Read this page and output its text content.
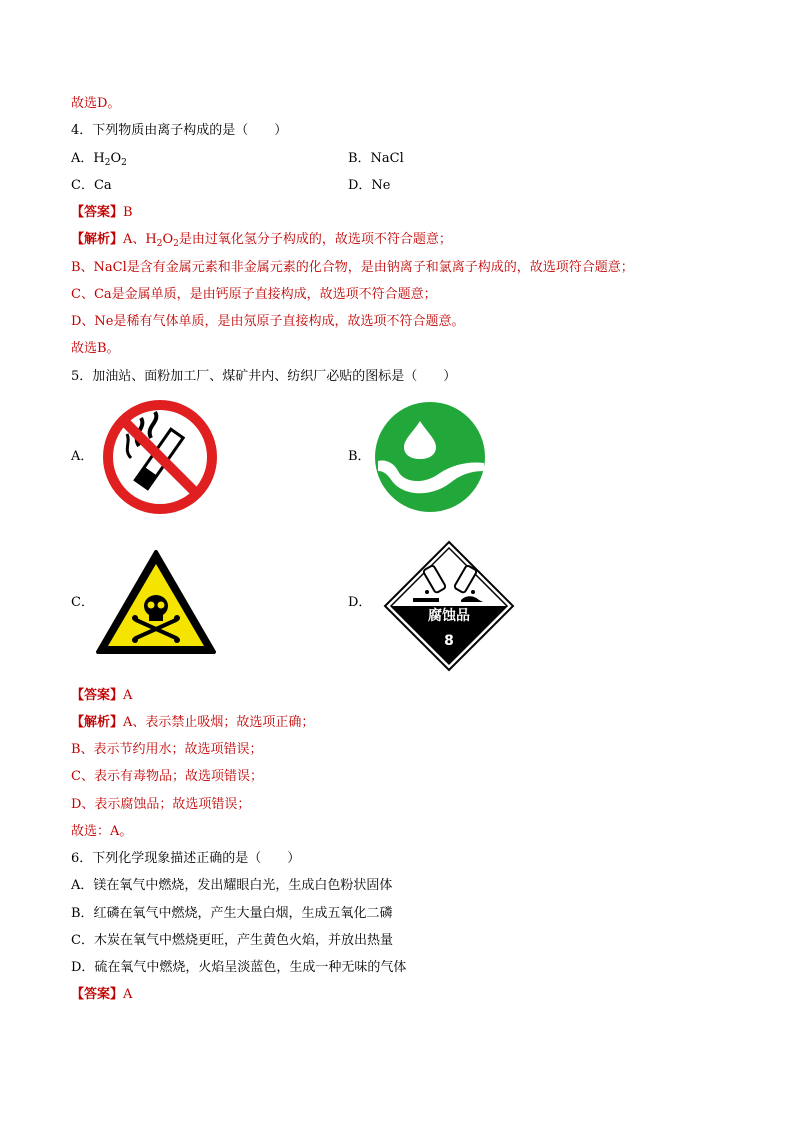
故选D。
4．下列物质由离子构成的是（　　）
A．$H_2O_2$	B．NaCl
C．Ca	D．Ne
【答案】B
【解析】A、$H_2O_2$是由过氧化氢分子构成的，故选项不符合题意；
B、NaCl是含有金属元素和非金属元素的化合物，是由钠离子和氯离子构成的，故选项符合题意；
C、Ca是金属单质，是由钙原子直接构成，故选项不符合题意；
D、Ne是稀有气体单质，是由氖原子直接构成，故选项不符合题意。
故选B。
5．加油站、面粉加工厂、煤矿井内、纺织厂必贴的图标是（　　）
A．	B．
C．	D．
腐蚀品
8
【答案】A
【解析】A、表示禁止吸烟；故选项正确；
B、表示节约用水；故选项错误；
C、表示有毒物品；故选项错误；
D、表示腐蚀品；故选项错误；
故选：A。
6．下列化学现象描述正确的是（　　）
A．镁在氧气中燃烧，发出耀眼白光，生成白色粉状固体
B．红磷在氧气中燃烧，产生大量白烟，生成五氧化二磷
C．木炭在氧气中燃烧更旺，产生黄色火焰，并放出热量
D．硫在氧气中燃烧，火焰呈淡蓝色，生成一种无味的气体
【答案】A
